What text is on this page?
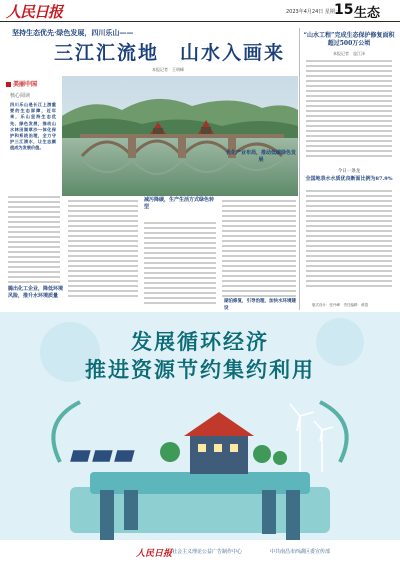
人民日报	2023年4月24日 星期一
15 生态
坚持生态优先·绿色发展，四川乐山——
三江汇流地　山水入画来
本报记者　王明峰
美丽中国
核心阅读
四川乐山是长江上游重要的生态屏障，近年来，乐山坚持生态优先、绿色发展，推动山水林田湖草沙一体化保护和系统治理，全力守护三江清水，让生态颜值成为发展价值。
腾出化工企业，降低环境风险，推升水环境质量
减污降碳，生产生活方式绿色转型
优化产业布局，推动低碳绿色发展
湖泊修复，引导治理，加快水环境建设
“山水工程”完成生态保护修复面积超过500万公顷
本报记者　寇江泽
今日一条龙
全国地表水水质优良断面比例为87.9%
版式设计：张丹峰　责任编辑：黄超
发展循环经济
推进资源节约集约利用
人民日报 社会主义理论公益广告制作中心	中共南昌市西湖区委宣传部
